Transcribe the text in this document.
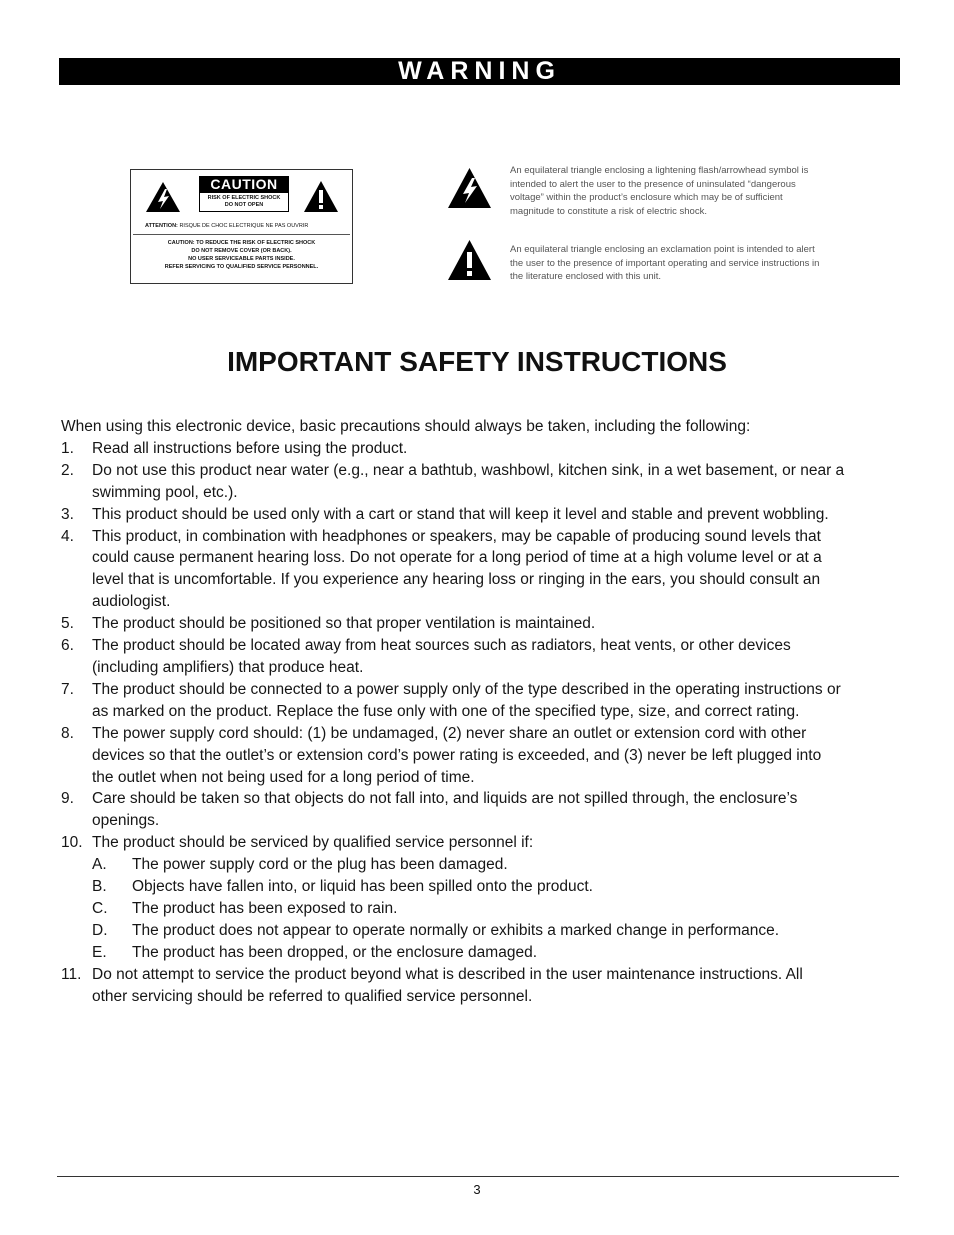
WARNING
CAUTION
RISK OF ELECTRIC SHOCK
DO NOT OPEN
ATTENTION: RISQUE DE CHOC ELECTRIQUE NE PAS OUVRIR
CAUTION: TO REDUCE THE RISK OF ELECTRIC SHOCK
DO NOT REMOVE COVER (OR BACK).
NO USER SERVICEABLE PARTS INSIDE.
REFER SERVICING TO QUALIFIED SERVICE PERSONNEL.
An equilateral triangle enclosing a lightening flash/arrowhead symbol is
intended to alert the user to the presence of uninsulated “dangerous
voltage” within the product’s enclosure which may be of sufficient
magnitude to constitute a risk of electric shock.
An equilateral triangle enclosing an exclamation point is intended to alert
the user to the presence of important operating and service instructions in
the literature enclosed with this unit.
IMPORTANT SAFETY INSTRUCTIONS

When using this electronic device, basic precautions should always be taken, including the following:

1.	Read all instructions before using the product.
2.	Do not use this product near water (e.g., near a bathtub, washbowl, kitchen sink, in a wet basement, or near a
swimming pool, etc.).
3.	This product should be used only with a cart or stand that will keep it level and stable and prevent wobbling.
4.	This product, in combination with headphones or speakers, may be capable of producing sound levels that
could cause permanent hearing loss. Do not operate for a long period of time at a high volume level or at a
level that is uncomfortable. If you experience any hearing loss or ringing in the ears, you should consult an
audiologist.
5.	The product should be positioned so that proper ventilation is maintained.
6.	The product should be located away from heat sources such as radiators, heat vents, or other devices
(including amplifiers) that produce heat.
7.	The product should be connected to a power supply only of the type described in the operating instructions or
as marked on the product. Replace the fuse only with one of the specified type, size, and correct rating.
8.	The power supply cord should: (1) be undamaged, (2) never share an outlet or extension cord with other
devices so that the outlet’s or extension cord’s power rating is exceeded, and (3) never be left plugged into
the outlet when not being used for a long period of time.
9.	Care should be taken so that objects do not fall into, and liquids are not spilled through, the enclosure’s
openings.
10. The product should be serviced by qualified service personnel if:
A.	The power supply cord or the plug has been damaged.
B.	Objects have fallen into, or liquid has been spilled onto the product.
C.	The product has been exposed to rain.
D.	The product does not appear to operate normally or exhibits a marked change in performance.
E.	The product has been dropped, or the enclosure damaged.
11. Do not attempt to service the product beyond what is described in the user maintenance instructions. All
other servicing should be referred to qualified service personnel.
3
